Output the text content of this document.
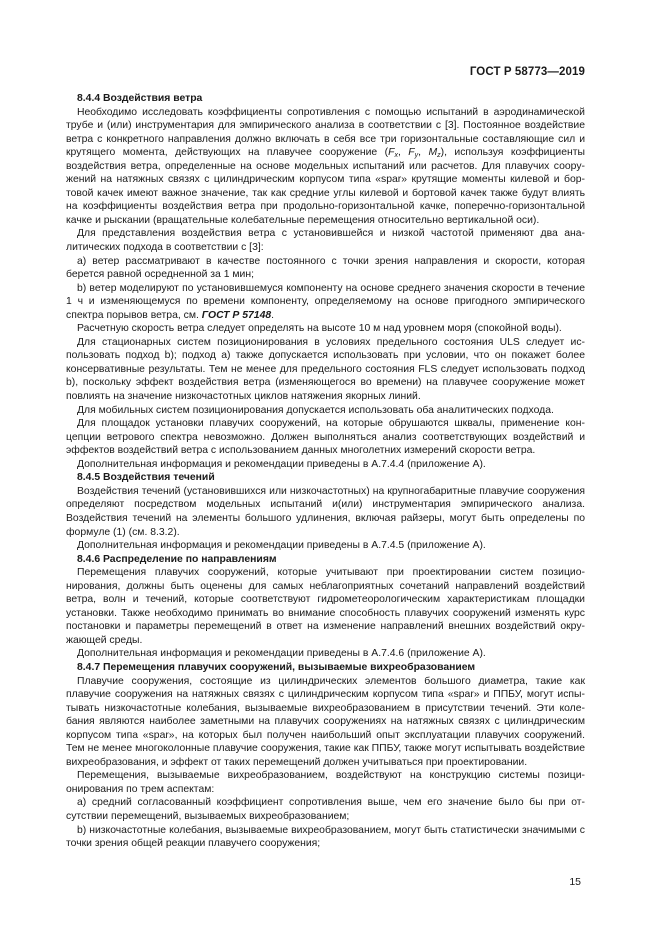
ГОСТ Р 58773—2019
8.4.4 Воздействия ветра

Необходимо исследовать коэффициенты сопротивления с помощью испытаний в аэродинамической трубе и (или) инструментария для эмпирического анализа в соответствии с [3]. Постоянное воздействие ветра с конкретного направления должно включать в себя все три горизонтальные составляющие сил и крутящего момента, действующих на плавучее сооружение ($F_x$, $F_y$, $M_z$), используя коэффициенты воздействия ветра, определенные на основе модельных испытаний или расчетов. Для плавучих сооружений на натяжных связях с цилиндрическим корпусом типа «spar» крутящие моменты килевой и бортовой качек имеют важное значение, так как средние углы килевой и бортовой качек также будут влиять на коэффициенты воздействия ветра при продольно-горизонтальной качке, поперечно-горизонтальной качке и рыскании (вращательные колебательные перемещения относительно вертикальной оси).

Для представления воздействия ветра с установившейся и низкой частотой применяют два аналитических подхода в соответствии с [3]:

а) ветер рассматривают в качестве постоянного с точки зрения направления и скорости, которая берется равной осредненной за 1 мин;

b) ветер моделируют по установившемуся компоненту на основе среднего значения скорости в течение 1 ч и изменяющемуся по времени компоненту, определяемому на основе пригодного эмпирического спектра порывов ветра, см. ГОСТ Р 57148.

Расчетную скорость ветра следует определять на высоте 10 м над уровнем моря (спокойной воды).

Для стационарных систем позиционирования в условиях предельного состояния ULS следует использовать подход b); подход а) также допускается использовать при условии, что он покажет более консервативные результаты. Тем не менее для предельного состояния FLS следует использовать подход b), поскольку эффект воздействия ветра (изменяющегося во времени) на плавучее сооружение может повлиять на значение низкочастотных циклов натяжения якорных линий.

Для мобильных систем позиционирования допускается использовать оба аналитических подхода.

Для площадок установки плавучих сооружений, на которые обрушаются шквалы, применение концепции ветрового спектра невозможно. Должен выполняться анализ соответствующих воздействий и эффектов воздействий ветра с использованием данных многолетних измерений скорости ветра.

Дополнительная информация и рекомендации приведены в А.7.4.4 (приложение А).

8.4.5 Воздействия течений

Воздействия течений (установившихся или низкочастотных) на крупногабаритные плавучие сооружения определяют посредством модельных испытаний и(или) инструментария эмпирического анализа. Воздействия течений на элементы большого удлинения, включая райзеры, могут быть определены по формуле (1) (см. 8.3.2).

Дополнительная информация и рекомендации приведены в А.7.4.5 (приложение А).

8.4.6 Распределение по направлениям

Перемещения плавучих сооружений, которые учитывают при проектировании систем позиционирования, должны быть оценены для самых неблагоприятных сочетаний направлений воздействий ветра, волн и течений, которые соответствуют гидрометеорологическим характеристикам площадки установки. Также необходимо принимать во внимание способность плавучих сооружений изменять курс постановки и параметры перемещений в ответ на изменение направлений внешних воздействий окружающей среды.

Дополнительная информация и рекомендации приведены в А.7.4.6 (приложение А).

8.4.7 Перемещения плавучих сооружений, вызываемые вихреобразованием

Плавучие сооружения, состоящие из цилиндрических элементов большого диаметра, такие как плавучие сооружения на натяжных связях с цилиндрическим корпусом типа «spar» и ППБУ, могут испытывать низкочастотные колебания, вызываемые вихреобразованием в присутствии течений. Эти колебания являются наиболее заметными на плавучих сооружениях на натяжных связях с цилиндрическим корпусом типа «spar», на которых был получен наибольший опыт эксплуатации плавучих сооружений. Тем не менее многоколонные плавучие сооружения, такие как ППБУ, также могут испытывать воздействие вихреобразования, и эффект от таких перемещений должен учитываться при проектировании.

Перемещения, вызываемые вихреобразованием, воздействуют на конструкцию системы позиционирования по трем аспектам:

а) средний согласованный коэффициент сопротивления выше, чем его значение было бы при отсутствии перемещений, вызываемых вихреобразованием;

b) низкочастотные колебания, вызываемые вихреобразованием, могут быть статистически значимыми с точки зрения общей реакции плавучего сооружения;

15
